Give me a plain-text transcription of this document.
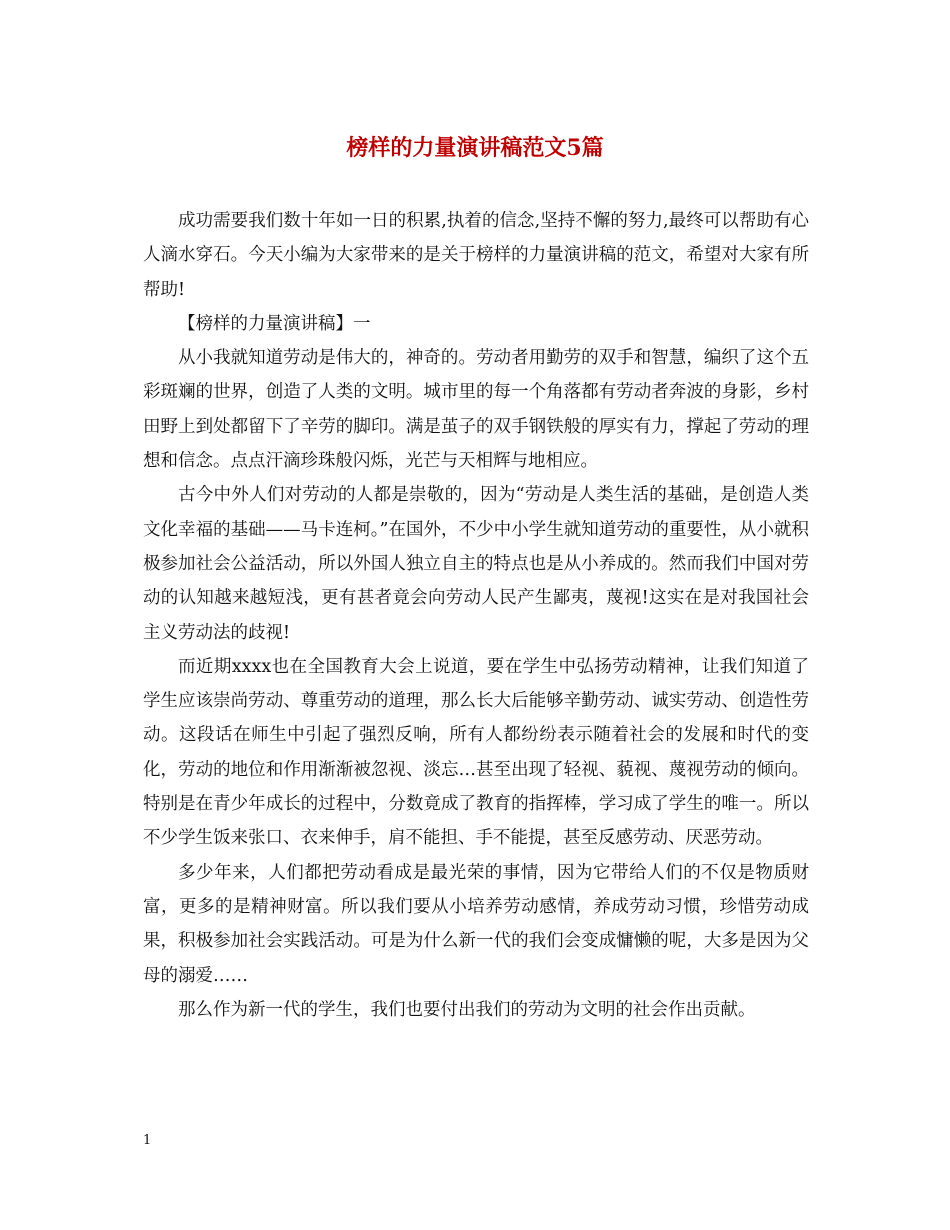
榜样的力量演讲稿范文5篇

成功需要我们数十年如一日的积累,执着的信念,坚持不懈的努力,最终可以帮助有心人滴水穿石。今天小编为大家带来的是关于榜样的力量演讲稿的范文，希望对大家有所帮助!

【榜样的力量演讲稿】一

从小我就知道劳动是伟大的，神奇的。劳动者用勤劳的双手和智慧，编织了这个五彩斑斓的世界，创造了人类的文明。城市里的每一个角落都有劳动者奔波的身影，乡村田野上到处都留下了辛劳的脚印。满是茧子的双手钢铁般的厚实有力，撑起了劳动的理想和信念。点点汗滴珍珠般闪烁，光芒与天相辉与地相应。

古今中外人们对劳动的人都是崇敬的，因为“劳动是人类生活的基础，是创造人类文化幸福的基础——马卡连柯。”在国外，不少中小学生就知道劳动的重要性，从小就积极参加社会公益活动，所以外国人独立自主的特点也是从小养成的。然而我们中国对劳动的认知越来越短浅，更有甚者竟会向劳动人民产生鄙夷，蔑视!这实在是对我国社会主义劳动法的歧视!

而近期xxxx也在全国教育大会上说道，要在学生中弘扬劳动精神，让我们知道了学生应该崇尚劳动、尊重劳动的道理，那么长大后能够辛勤劳动、诚实劳动、创造性劳动。这段话在师生中引起了强烈反响，所有人都纷纷表示随着社会的发展和时代的变化，劳动的地位和作用渐渐被忽视、淡忘…甚至出现了轻视、藐视、蔑视劳动的倾向。特别是在青少年成长的过程中，分数竟成了教育的指挥棒，学习成了学生的唯一。所以不少学生饭来张口、衣来伸手，肩不能担、手不能提，甚至反感劳动、厌恶劳动。

多少年来，人们都把劳动看成是最光荣的事情，因为它带给人们的不仅是物质财富，更多的是精神财富。所以我们要从小培养劳动感情，养成劳动习惯，珍惜劳动成果，积极参加社会实践活动。可是为什么新一代的我们会变成慵懒的呢，大多是因为父母的溺爱……

那么作为新一代的学生，我们也要付出我们的劳动为文明的社会作出贡献。

1
